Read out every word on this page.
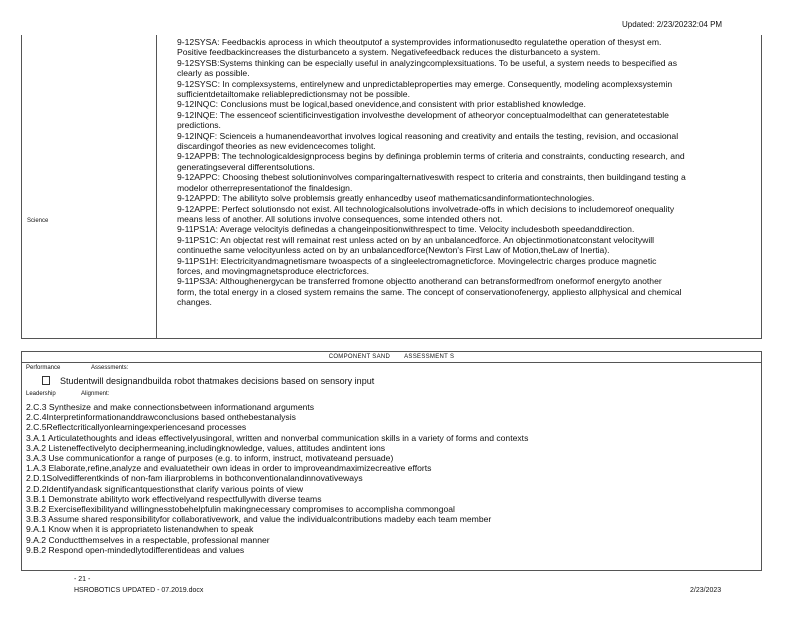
Updated: 2/23/20232:04 PM
Science
9-12SYSA: Feedbackis aprocess in which theoutputof a systemprovides informationusedto regulatethe operation of thesyst em.
Positive feedbackincreases the disturbanceto a system. Negativefeedback reduces the disturbanceto a system.
9-12SYSB:Systems thinking can be especially useful in analyzingcomplexsituations. To be useful, a system needs to bespecified as
clearly as possible.
9-12SYSC: In complexsystems, entirelynew and unpredictableproperties may emerge. Consequently, modeling acomplexsystemin
sufficientdetailtomake reliablepredictionsmay not be possible.
9-12INQC: Conclusions must be logical,based onevidence,and consistent with prior established knowledge.
9-12INQE: The essenceof scientificinvestigation involvesthe development of atheoryor conceptualmodelthat can generatetestable
predictions.
9-12INQF: Scienceis a humanendeavorthat involves logical reasoning and creativity and entails the testing, revision, and occasional
discardingof theories as new evidencecomes tolight.
9-12APPB: The technologicaldesignprocess begins by defininga problemin terms of criteria and constraints, conducting research, and
generatingseveral differentsolutions.
9-12APPC: Choosing thebest solutioninvolves comparingalternativeswith respect to criteria and constraints, then buildingand testing a
modelor otherrepresentationof the finaldesign.
9-12APPD: The abilityto solve problemsis greatly enhancedby useof mathematicsandinformationtechnologies.
9-12APPE: Perfect solutionsdo not exist. All technologicalsolutions involvetrade-offs in which decisions to includemoreof onequality
means less of another. All solutions involve consequences, some intended others not.
9-11PS1A: Average velocityis definedas a changeinpositionwithrespect to time. Velocity includesboth speedanddirection.
9-11PS1C: An objectat rest will remainat rest unless acted on by an unbalancedforce. An objectinmotionatconstant velocitywill
continuethe same velocityunless acted on by an unbalancedforce(Newton's First Law of Motion,theLaw of Inertia).
9-11PS1H: Electricityandmagnetismare twoaspects of a singleelectromagneticforce. Movingelectric charges produce magnetic
forces, and movingmagnetsproduce electricforces.
9-11PS3A: Althoughenergycan be transferred fromone objectto anotherand can betransformedfrom oneformof energyto another
form, the total energy in a closed system remains the same. The concept of conservationofenergy, appliesto allphysical and chemical
changes.
COMPONENT SAND ASSESSMENT S
Performance	Assessments:
Studentwill designandbuilda robot thatmakes decisions based on sensory input
Leadership	Alignment:
2.C.3 Synthesize and make connectionsbetween informationand arguments
2.C.4Interpretinformationanddrawconclusions based onthebestanalysis
2.C.5Reflectcriticallyonlearningexperiencesand processes
3.A.1 Articulatethoughts and ideas effectivelyusingoral, written and nonverbal communication skills in a variety of forms and contexts
3.A.2 Listeneffectivelyto deciphermeaning,includingknowledge, values, attitudes andintent ions
3.A.3 Use communicationfor a range of purposes (e.g. to inform, instruct, motivateand persuade)
1.A.3 Elaborate,refine,analyze and evaluatetheir own ideas in order to improveandmaximizecreative efforts
2.D.1Solvedifferentkinds of non-fam iliarproblems in bothconventionalandinnovativeways
2.D.2Identifyandask significantquestionsthat clarify various points of view
3.B.1 Demonstrate abilityto work effectivelyand respectfullywith diverse teams
3.B.2 Exerciseflexibilityand willingnesstobehelpfulin makingnecessary compromises to accomplisha commongoal
3.B.3 Assume shared responsibilityfor collaborativework, and value the individualcontributions madeby each team member
9.A.1 Know when it is appropriateto listenandwhen to speak
9.A.2 Conductthemselves in a respectable, professional manner
9.B.2 Respond open-mindedlytodifferentideas and values
- 21 -
HSROBOTICS UPDATED - 07.2019.docx	2/23/2023
